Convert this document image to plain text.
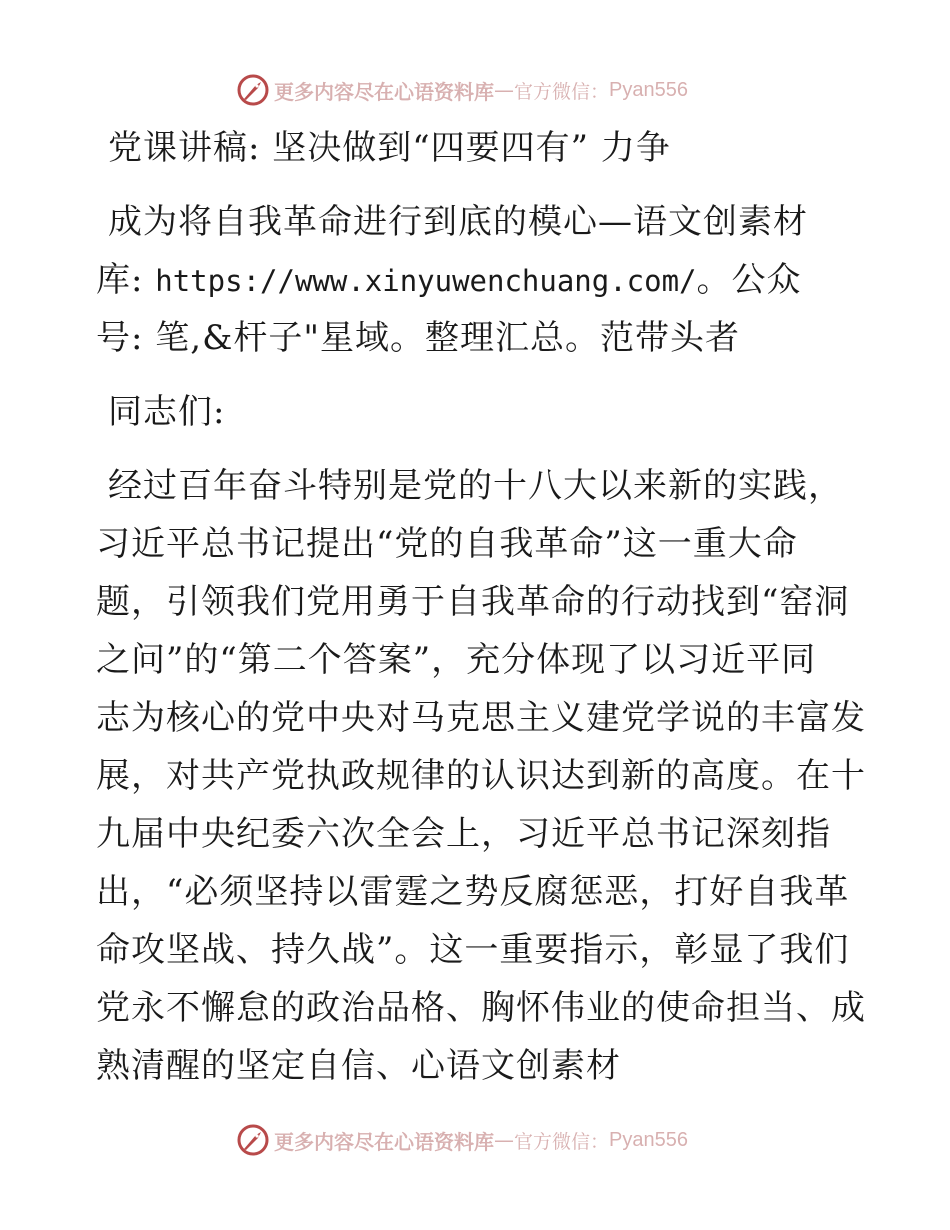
更多内容尽在心语资料库 — 官方微信： Pyan556
党课讲稿: 坚决做到“四要四有” 力争
成为将自我革命进行到底的模心—语文创素材
库: https://www.xinyuwenchuang.com/。公众
号: 笔,&杆子"星域。整理汇总。范带头者
同志们:
经过百年奋斗特别是党的十八大以来新的实践，
习近平总书记提出“党的自我革命”这一重大命
题，引领我们党用勇于自我革命的行动找到“窑洞
之问”的“第二个答案”，充分体现了以习近平同
志为核心的党中央对马克思主义建党学说的丰富发
展，对共产党执政规律的认识达到新的高度。在十
九届中央纪委六次全会上，习近平总书记深刻指
出，“必须坚持以雷霆之势反腐惩恶，打好自我革
命攻坚战、持久战”。这一重要指示，彰显了我们
党永不懈怠的政治品格、胸怀伟业的使命担当、成
熟清醒的坚定自信、心语文创素材
更多内容尽在心语资料库 — 官方微信： Pyan556
